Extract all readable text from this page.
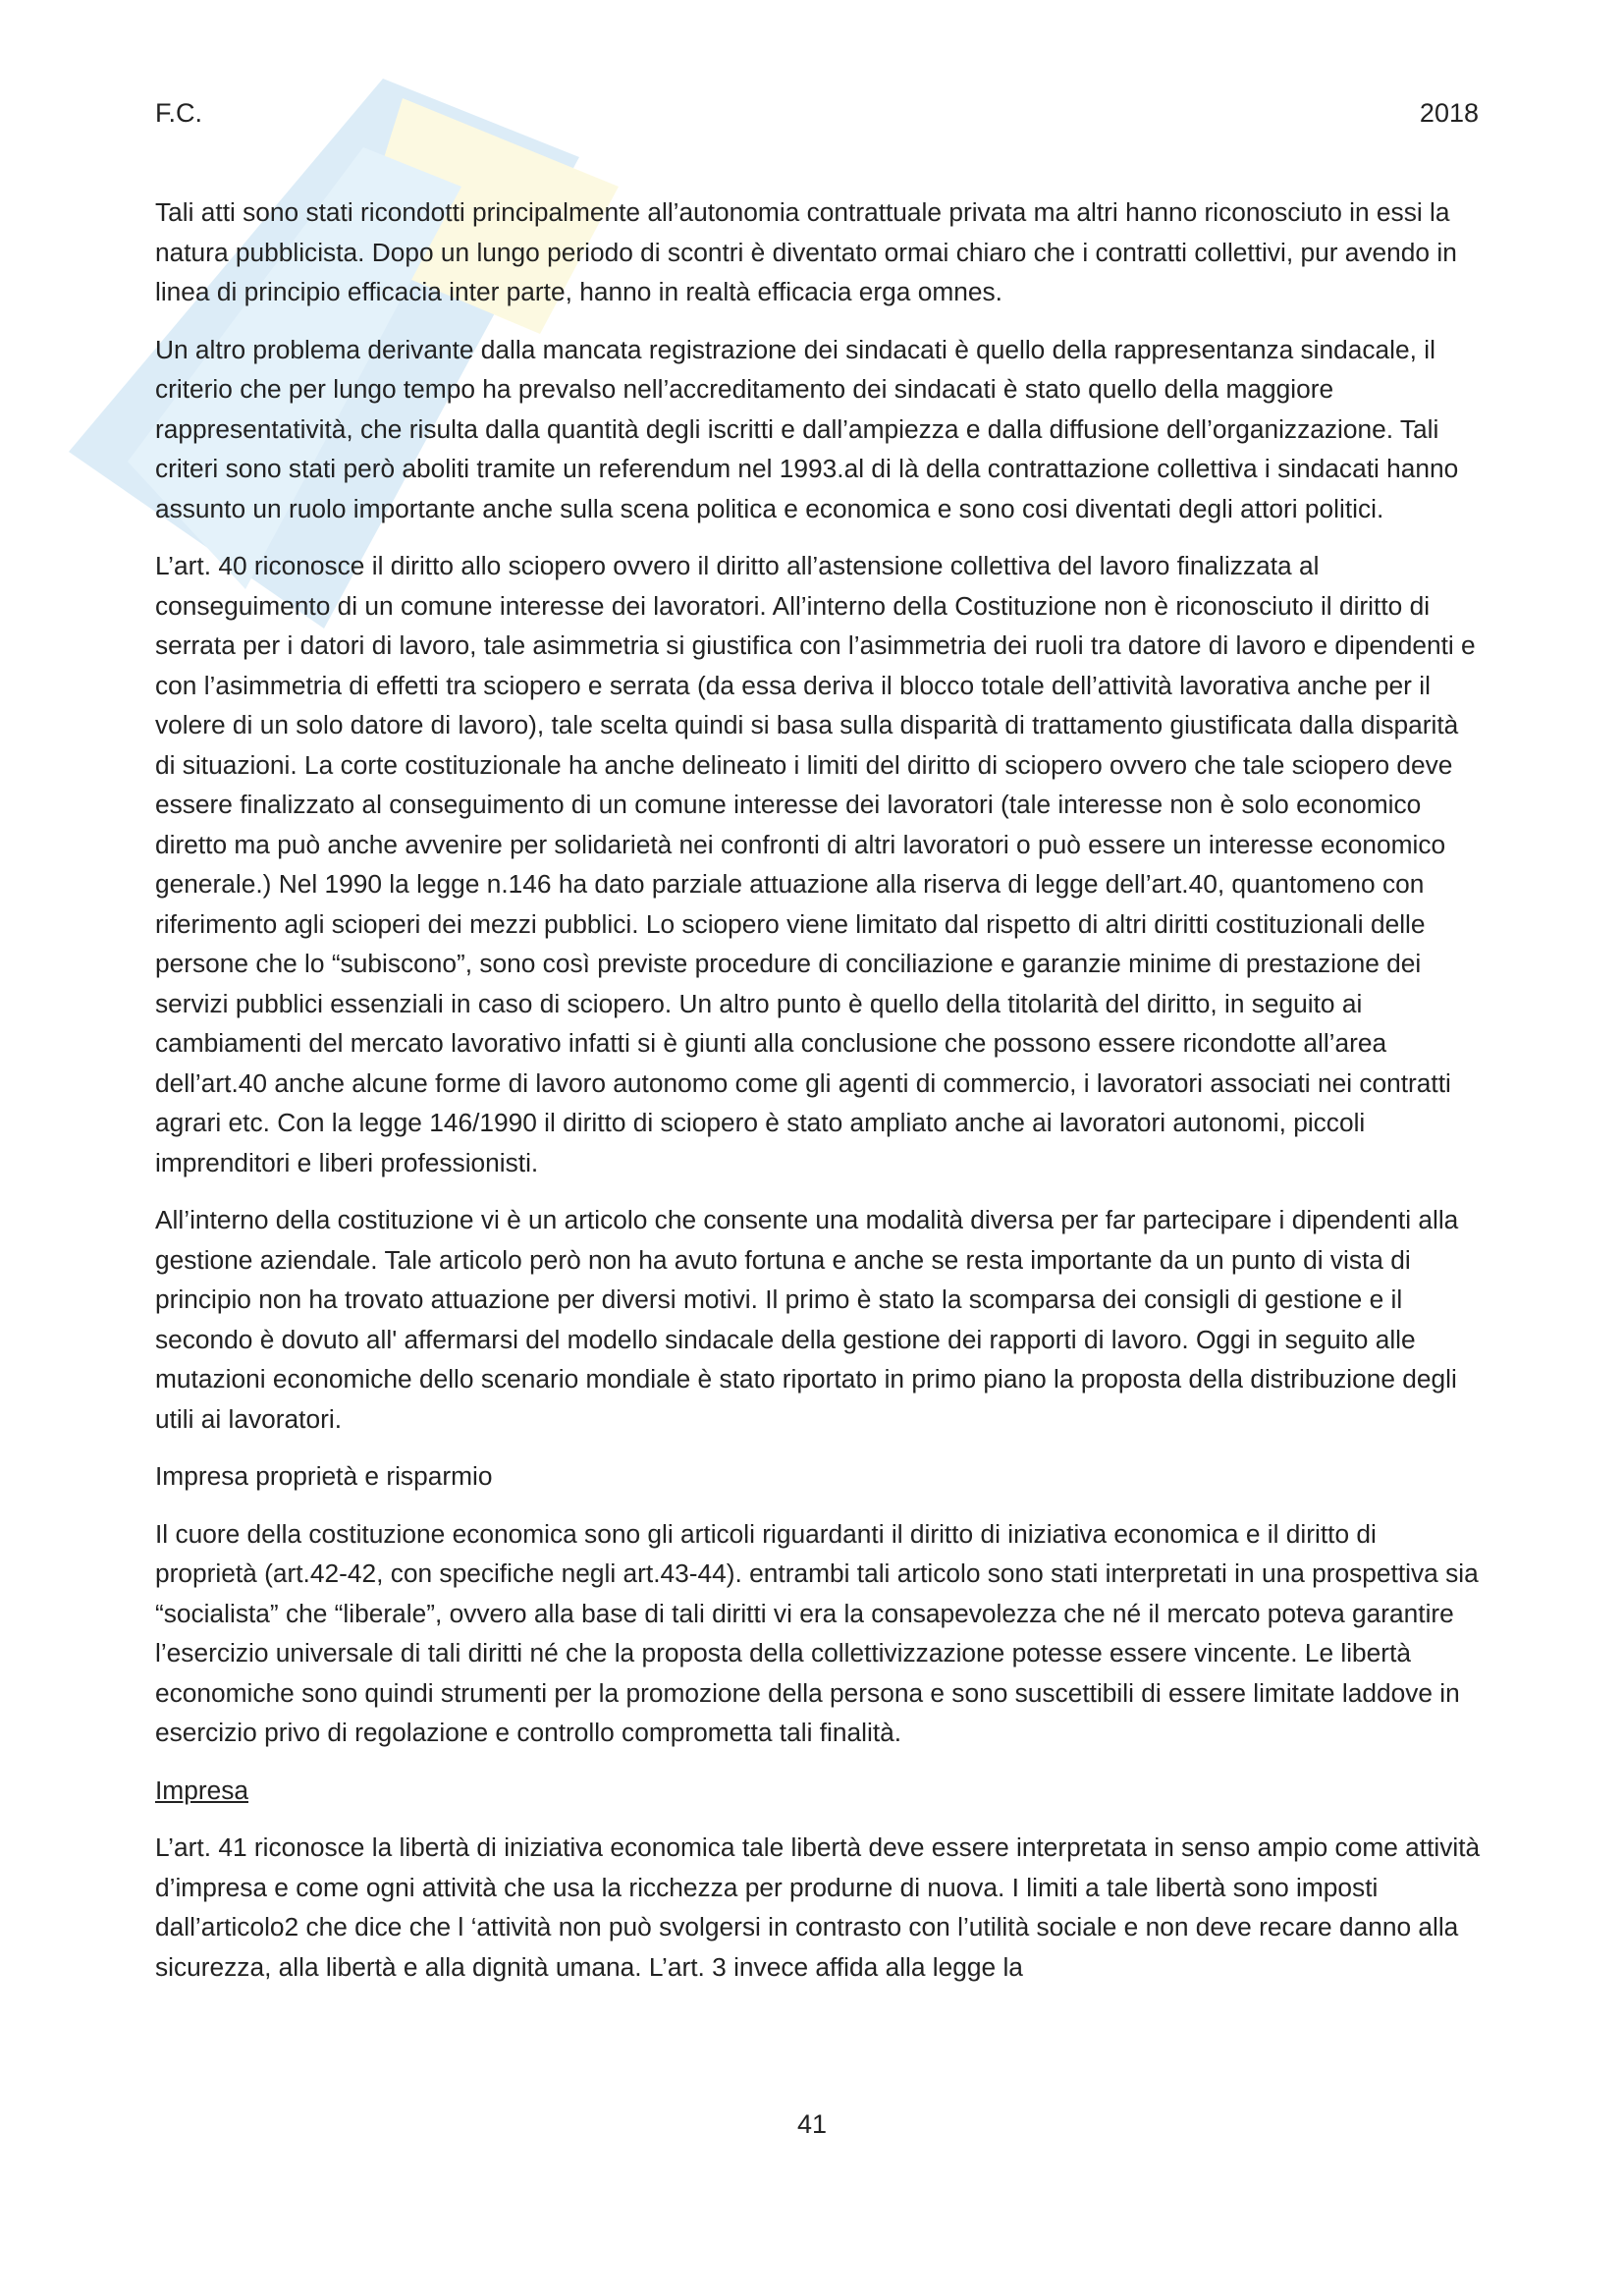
F.C.	2018

Tali atti sono stati ricondotti principalmente all’autonomia contrattuale privata ma altri hanno riconosciuto in essi la natura pubblicista. Dopo un lungo periodo di scontri è diventato ormai chiaro che i contratti collettivi, pur avendo in linea di principio efficacia inter parte, hanno in realtà efficacia erga omnes.

Un altro problema derivante dalla mancata registrazione dei sindacati è quello della rappresentanza sindacale, il criterio che per lungo tempo ha prevalso nell’accreditamento dei sindacati è stato quello della maggiore rappresentatività, che risulta dalla quantità degli iscritti e dall’ampiezza e dalla diffusione dell’organizzazione. Tali criteri sono stati però aboliti tramite un referendum nel 1993.al di là della contrattazione collettiva i sindacati hanno assunto un ruolo importante anche sulla scena politica e economica e sono cosi diventati degli attori politici.

L’art. 40 riconosce il diritto allo sciopero ovvero il diritto all’astensione collettiva del lavoro finalizzata al conseguimento di un comune interesse dei lavoratori. All’interno della Costituzione non è riconosciuto il diritto di serrata per i datori di lavoro, tale asimmetria si giustifica con l’asimmetria dei ruoli tra datore di lavoro e dipendenti e con l’asimmetria di effetti tra sciopero e serrata (da essa deriva il blocco totale dell’attività lavorativa anche per il volere di un solo datore di lavoro), tale scelta quindi si basa sulla disparità di trattamento giustificata dalla disparità di situazioni. La corte costituzionale ha anche delineato i limiti del diritto di sciopero ovvero che tale sciopero deve essere finalizzato al conseguimento di un comune interesse dei lavoratori (tale interesse non è solo economico diretto ma può anche avvenire per solidarietà nei confronti di altri lavoratori o può essere un interesse economico generale.) Nel 1990 la legge n.146 ha dato parziale attuazione alla riserva di legge dell’art.40, quantomeno con riferimento agli scioperi dei mezzi pubblici. Lo sciopero viene limitato dal rispetto di altri diritti costituzionali delle persone che lo “subiscono”, sono così previste procedure di conciliazione e garanzie minime di prestazione dei servizi pubblici essenziali in caso di sciopero. Un altro punto è quello della titolarità del diritto, in seguito ai cambiamenti del mercato lavorativo infatti si è giunti alla conclusione che possono essere ricondotte all’area dell’art.40 anche alcune forme di lavoro autonomo come gli agenti di commercio, i lavoratori associati nei contratti agrari etc. Con la legge 146/1990 il diritto di sciopero è stato ampliato anche ai lavoratori autonomi, piccoli imprenditori e liberi professionisti.

All’interno della costituzione vi è un articolo che consente una modalità diversa per far partecipare i dipendenti alla gestione aziendale. Tale articolo però non ha avuto fortuna e anche se resta importante da un punto di vista di principio non ha trovato attuazione per diversi motivi. Il primo è stato la scomparsa dei consigli di gestione e il secondo è dovuto all' affermarsi del modello sindacale della gestione dei rapporti di lavoro. Oggi in seguito alle mutazioni economiche dello scenario mondiale è stato riportato in primo piano la proposta della distribuzione degli utili ai lavoratori.

Impresa proprietà e risparmio

Il cuore della costituzione economica sono gli articoli riguardanti il diritto di iniziativa economica e il diritto di proprietà (art.42-42, con specifiche negli art.43-44). entrambi tali articolo sono stati interpretati in una prospettiva sia “socialista” che “liberale”, ovvero alla base di tali diritti vi era la consapevolezza che né il mercato poteva garantire l’esercizio universale di tali diritti né che la proposta della collettivizzazione potesse essere vincente. Le libertà economiche sono quindi strumenti per la promozione della persona e sono suscettibili di essere limitate laddove in esercizio privo di regolazione e controllo comprometta tali finalità.

Impresa

L’art. 41 riconosce la libertà di iniziativa economica tale libertà deve essere interpretata in senso ampio come attività d’impresa e come ogni attività che usa la ricchezza per produrne di nuova. I limiti a tale libertà sono imposti dall’articolo2 che dice che l ‘attività non può svolgersi in contrasto con l’utilità sociale e non deve recare danno alla sicurezza, alla libertà e alla dignità umana. L’art. 3 invece affida alla legge la

41
